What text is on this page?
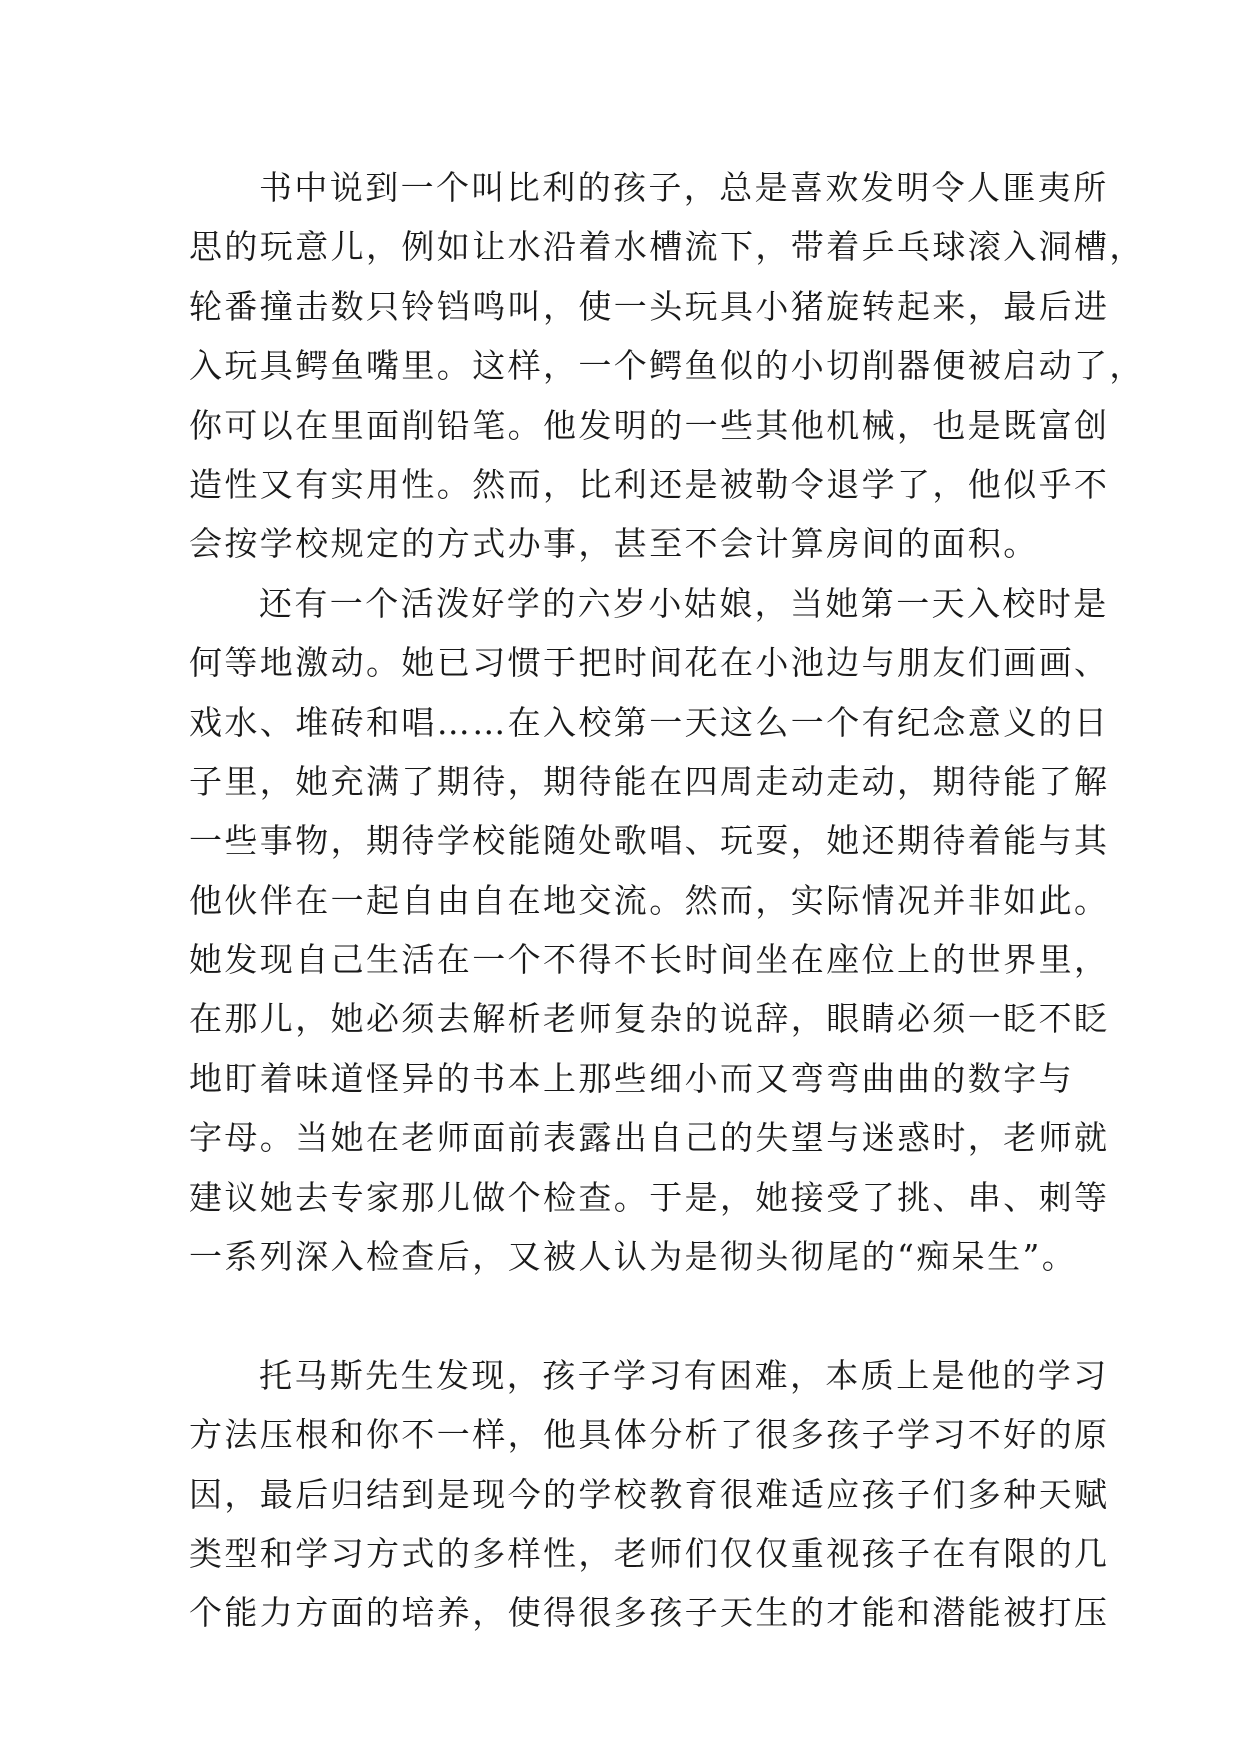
书中说到一个叫比利的孩子，总是喜欢发明令人匪夷所
思的玩意儿，例如让水沿着水槽流下，带着乒乓球滚入洞槽，
轮番撞击数只铃铛鸣叫，使一头玩具小猪旋转起来，最后进
入玩具鳄鱼嘴里。这样，一个鳄鱼似的小切削器便被启动了，
你可以在里面削铅笔。他发明的一些其他机械，也是既富创
造性又有实用性。然而，比利还是被勒令退学了，他似乎不
会按学校规定的方式办事，甚至不会计算房间的面积。
还有一个活泼好学的六岁小姑娘，当她第一天入校时是
何等地激动。她已习惯于把时间花在小池边与朋友们画画、
戏水、堆砖和唱……在入校第一天这么一个有纪念意义的日
子里，她充满了期待，期待能在四周走动走动，期待能了解
一些事物，期待学校能随处歌唱、玩耍，她还期待着能与其
他伙伴在一起自由自在地交流。然而，实际情况并非如此。
她发现自己生活在一个不得不长时间坐在座位上的世界里，
在那儿，她必须去解析老师复杂的说辞，眼睛必须一眨不眨
地盯着味道怪异的书本上那些细小而又弯弯曲曲的数字与
字母。当她在老师面前表露出自己的失望与迷惑时，老师就
建议她去专家那儿做个检查。于是，她接受了挑、串、刺等
一系列深入检查后，又被人认为是彻头彻尾的“痴呆生”。
托马斯先生发现，孩子学习有困难，本质上是他的学习
方法压根和你不一样，他具体分析了很多孩子学习不好的原
因，最后归结到是现今的学校教育很难适应孩子们多种天赋
类型和学习方式的多样性，老师们仅仅重视孩子在有限的几
个能力方面的培养，使得很多孩子天生的才能和潜能被打压
